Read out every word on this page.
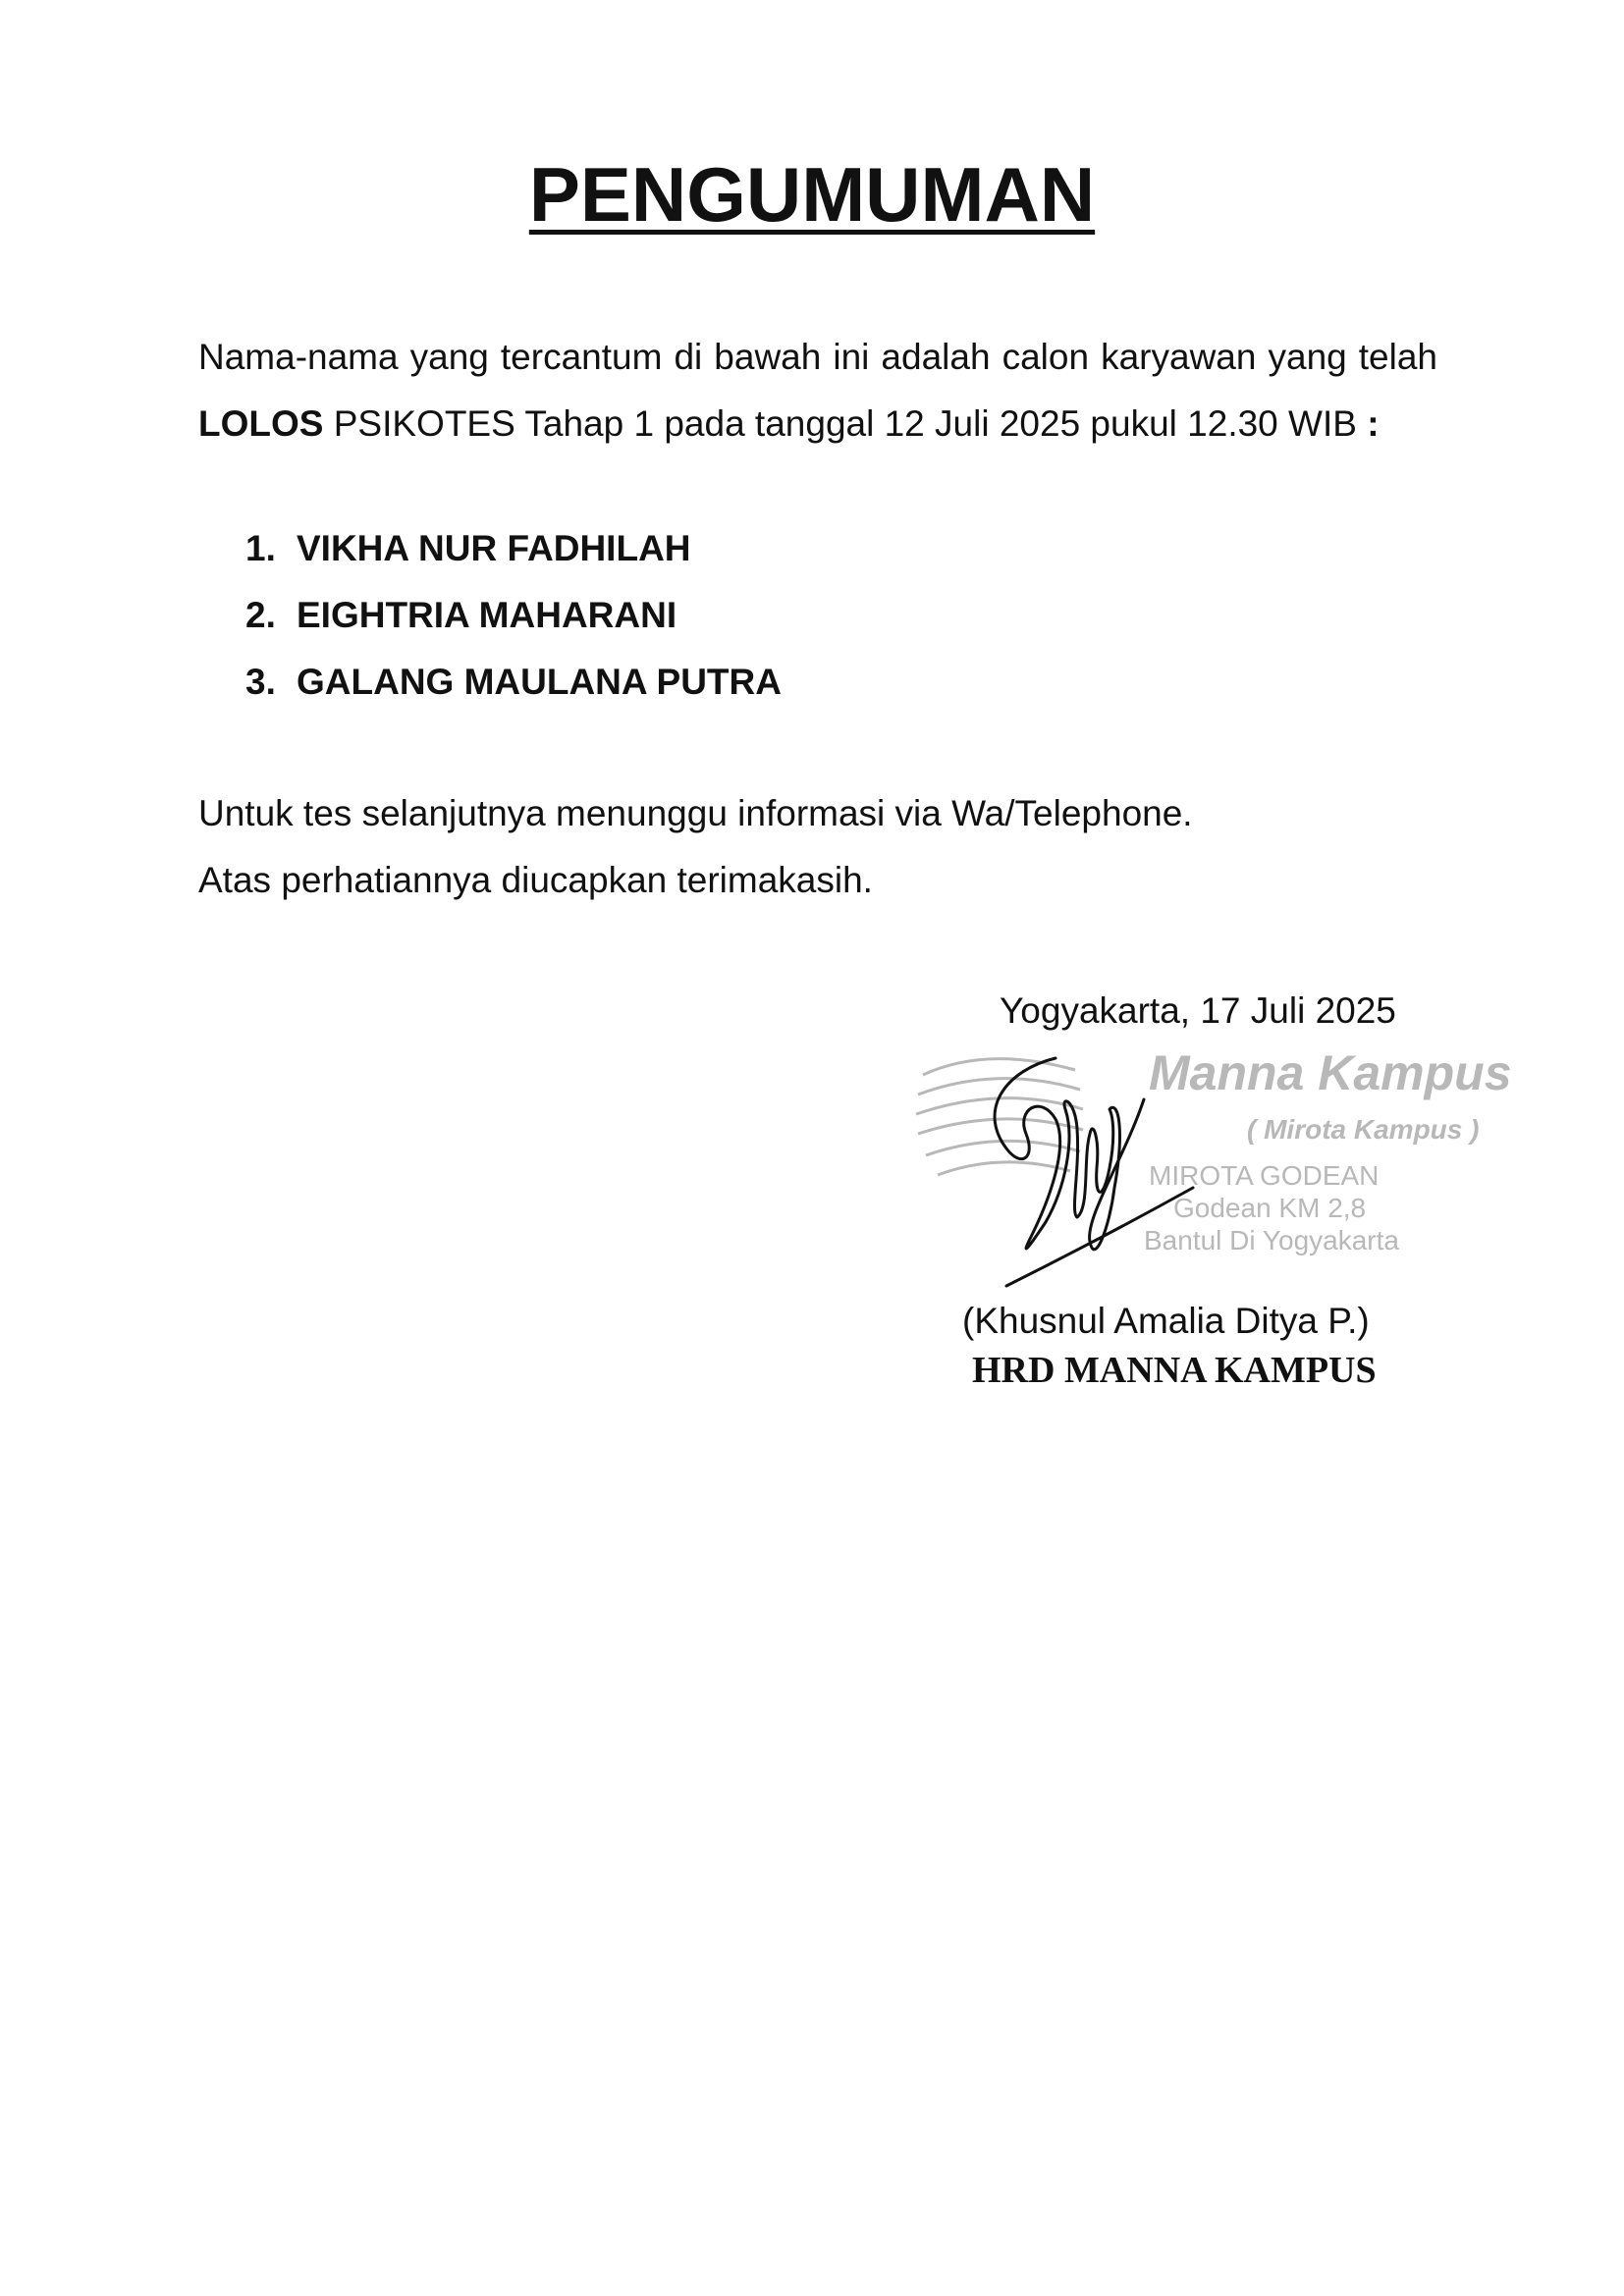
PENGUMUMAN

Nama-nama yang tercantum di bawah ini adalah calon karyawan yang telah LOLOS PSIKOTES Tahap 1 pada tanggal 12 Juli 2025 pukul 12.30 WIB :

1. VIKHA NUR FADHILAH
2. EIGHTRIA MAHARANI
3. GALANG MAULANA PUTRA
Untuk tes selanjutnya menunggu informasi via Wa/Telephone.
Atas perhatiannya diucapkan terimakasih.
Yogyakarta, 17 Juli 2025
Manna Kampus
( Mirota Kampus )
MIROTA GODEAN
Godean KM 2,8
Bantul Di Yogyakarta
(Khusnul Amalia Ditya P.)
HRD MANNA KAMPUS
